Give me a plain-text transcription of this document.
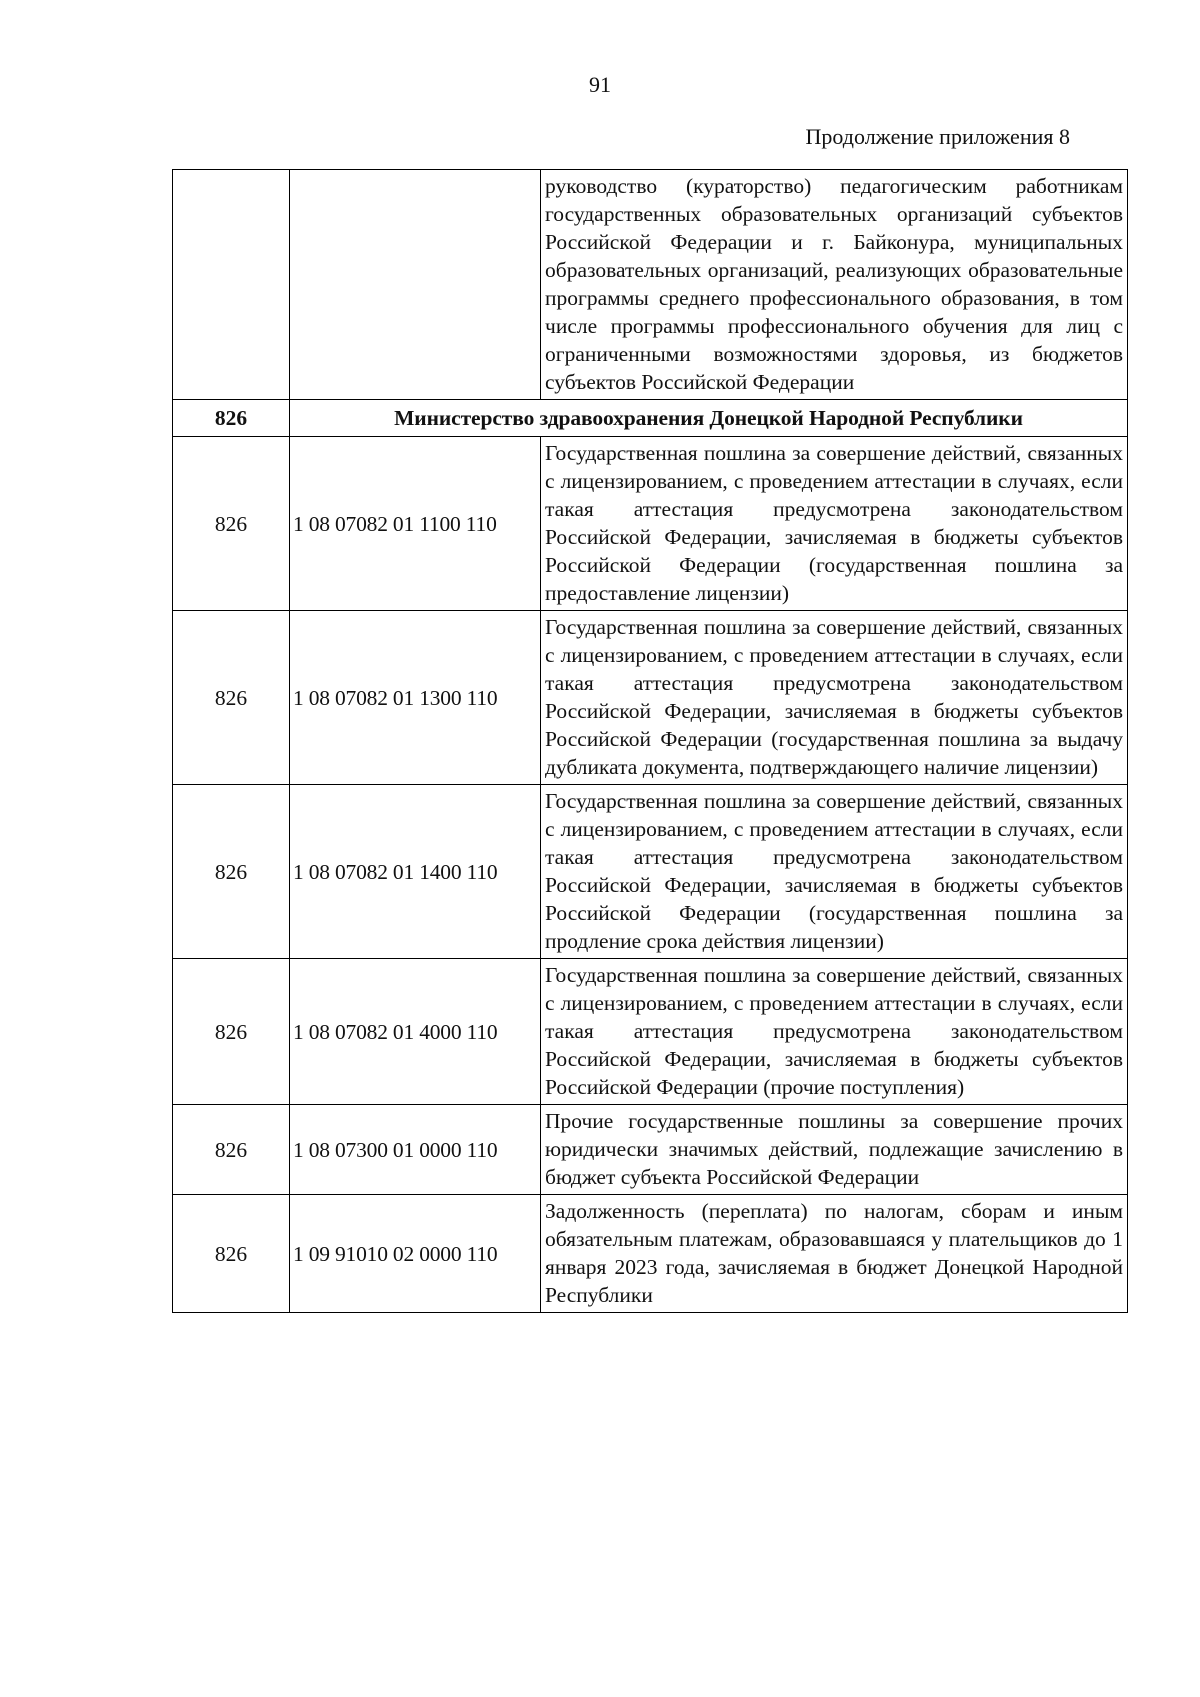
91
Продолжение приложения 8
		руководство (кураторство) педагогическим работникам государственных образовательных организаций субъектов Российской Федерации и г. Байконура, муниципальных образовательных организаций, реализующих образовательные программы среднего профессионального образования, в том числе программы профессионального обучения для лиц с ограниченными возможностями здоровья, из бюджетов субъектов Российской Федерации
826	Министерство здравоохранения Донецкой Народной Республики	
826	1 08 07082 01 1100 110	Государственная пошлина за совершение действий, связанных с лицензированием, с проведением аттестации в случаях, если такая аттестация предусмотрена законодательством Российской Федерации, зачисляемая в бюджеты субъектов Российской Федерации (государственная пошлина за предоставление лицензии)
826	1 08 07082 01 1300 110	Государственная пошлина за совершение действий, связанных с лицензированием, с проведением аттестации в случаях, если такая аттестация предусмотрена законодательством Российской Федерации, зачисляемая в бюджеты субъектов Российской Федерации (государственная пошлина за выдачу дубликата документа, подтверждающего наличие лицензии)
826	1 08 07082 01 1400 110	Государственная пошлина за совершение действий, связанных с лицензированием, с проведением аттестации в случаях, если такая аттестация предусмотрена законодательством Российской Федерации, зачисляемая в бюджеты субъектов Российской Федерации (государственная пошлина за продление срока действия лицензии)
826	1 08 07082 01 4000 110	Государственная пошлина за совершение действий, связанных с лицензированием, с проведением аттестации в случаях, если такая аттестация предусмотрена законодательством Российской Федерации, зачисляемая в бюджеты субъектов Российской Федерации (прочие поступления)
826	1 08 07300 01 0000 110	Прочие государственные пошлины за совершение прочих юридически значимых действий, подлежащие зачислению в бюджет субъекта Российской Федерации
826	1 09 91010 02 0000 110	Задолженность (переплата) по налогам, сборам и иным обязательным платежам, образовавшаяся у плательщиков до 1 января 2023 года, зачисляемая в бюджет Донецкой Народной Республики
